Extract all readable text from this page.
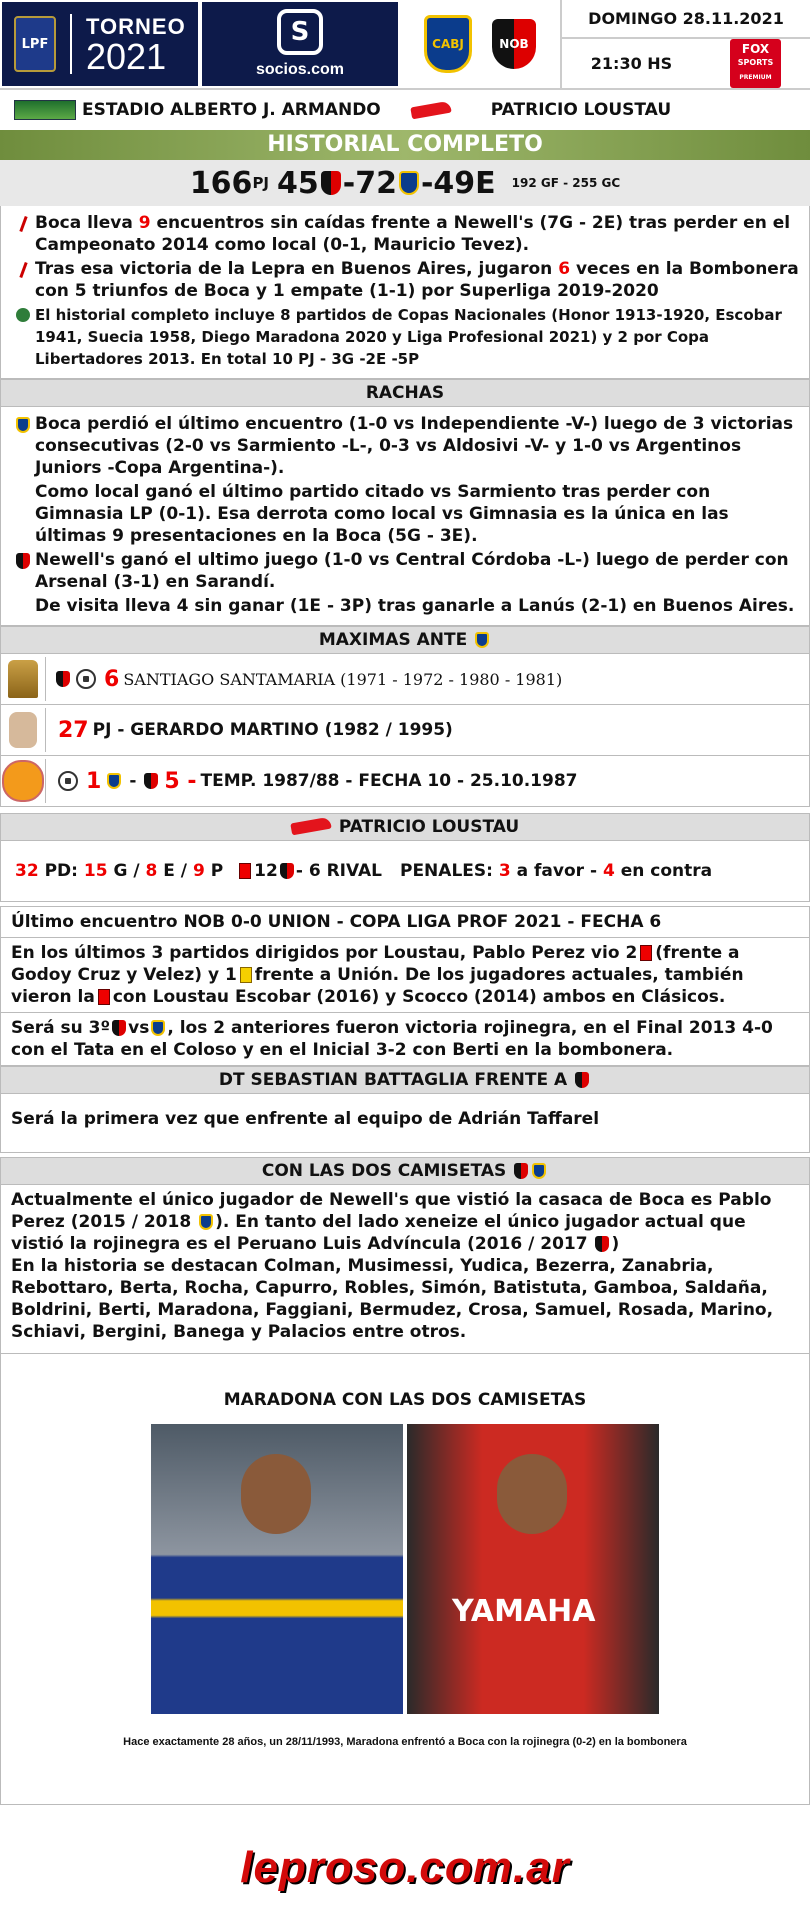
LPF
TORNEO
2021
S
socios.com
CABJ	NOB
DOMINGO 28.11.2021
21:30 HS
FOX
SPORTS
PREMIUM
ESTADIO ALBERTO J. ARMANDO	PATRICIO LOUSTAU
HISTORIAL COMPLETO
166 PJ 45 -72 -49E 192 GF - 255 GC
Boca lleva 9 encuentros sin caídas frente a Newell's (7G - 2E) tras perder en el Campeonato 2014 como local (0-1, Mauricio Tevez).
Tras esa victoria de la Lepra en Buenos Aires, jugaron 6 veces en la Bombonera con 5 triunfos de Boca y 1 empate (1-1) por Superliga 2019-2020
El historial completo incluye 8 partidos de Copas Nacionales (Honor 1913-1920, Escobar 1941, Suecia 1958, Diego Maradona 2020 y Liga Profesional 2021) y 2 por Copa Libertadores 2013. En total 10 PJ - 3G -2E -5P
RACHAS
Boca perdió el último encuentro (1-0 vs Independiente -V-) luego de 3 victorias consecutivas (2-0 vs Sarmiento -L-, 0-3 vs Aldosivi -V- y 1-0 vs Argentinos Juniors -Copa Argentina-).
Como local ganó el último partido citado vs Sarmiento tras perder con Gimnasia LP (0-1). Esa derrota como local vs Gimnasia es la única en las últimas 9 presentaciones en la Boca (5G - 3E).
Newell's ganó el ultimo juego (1-0 vs Central Córdoba -L-) luego de perder con Arsenal (3-1) en Sarandí.
De visita lleva 4 sin ganar (1E - 3P) tras ganarle a Lanús (2-1) en Buenos Aires.
MAXIMAS ANTE
6 SANTIAGO SANTAMARIA (1971 - 1972 - 1980 - 1981)
27 PJ - GERARDO MARTINO (1982 / 1995)
1 - 5 - TEMP. 1987/88 - FECHA 10 - 25.10.1987
PATRICIO LOUSTAU
32
PD:
15
G /
8
E /
9
P 12 - 6 RIVAL PENALES:
3
a favor -
4
en contra
Último encuentro NOB 0-0 UNION - COPA LIGA PROF 2021 - FECHA 6
En los últimos 3 partidos dirigidos por Loustau, Pablo Perez vio 2 (frente a Godoy Cruz y Velez) y 1 frente a Unión. De los jugadores actuales, también vieron la con Loustau Escobar (2016) y Scocco (2014) ambos en Clásicos.
Será su 3º vs , los 2 anteriores fueron victoria rojinegra, en el Final 2013 4-0 con el Tata en el Coloso y en el Inicial 3-2 con Berti en la bombonera.
DT SEBASTIAN BATTAGLIA FRENTE A
Será la primera vez que enfrente al equipo de Adrián Taffarel
CON LAS DOS CAMISETAS
Actualmente el único jugador de Newell's que vistió la casaca de Boca es Pablo Perez (2015 / 2018 ). En tanto del lado xeneize el único jugador actual que vistió la rojinegra es el Peruano Luis Advíncula (2016 / 2017 )
En la historia se destacan Colman, Musimessi, Yudica, Bezerra, Zanabria, Rebottaro, Berta, Rocha, Capurro, Robles, Simón, Batistuta, Gamboa, Saldaña, Boldrini, Berti, Maradona, Faggiani, Bermudez, Crosa, Samuel, Rosada, Marino, Schiavi, Bergini, Banega y Palacios entre otros.
MARADONA CON LAS DOS CAMISETAS
YAMAHA
Hace exactamente 28 años, un 28/11/1993, Maradona enfrentó a Boca con la rojinegra (0-2) en la bombonera
leproso.com.ar
